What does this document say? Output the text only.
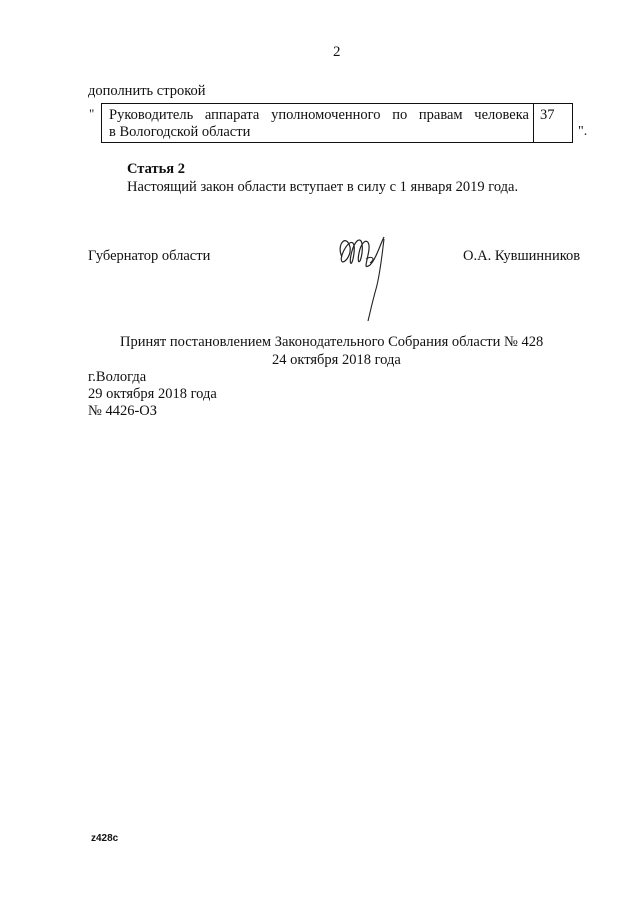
2
дополнить строкой
" Руководитель аппарата уполномоченного по правам человека
в Вологодской области
37
".
Статья 2
Настоящий закон области вступает в силу с 1 января 2019 года.
Губернатор области	О.А. Кувшинников
Принят постановлением Законодательного Собрания области № 428
24 октября 2018 года
г.Вологда
29 октября 2018 года
№ 4426-ОЗ
z428c
